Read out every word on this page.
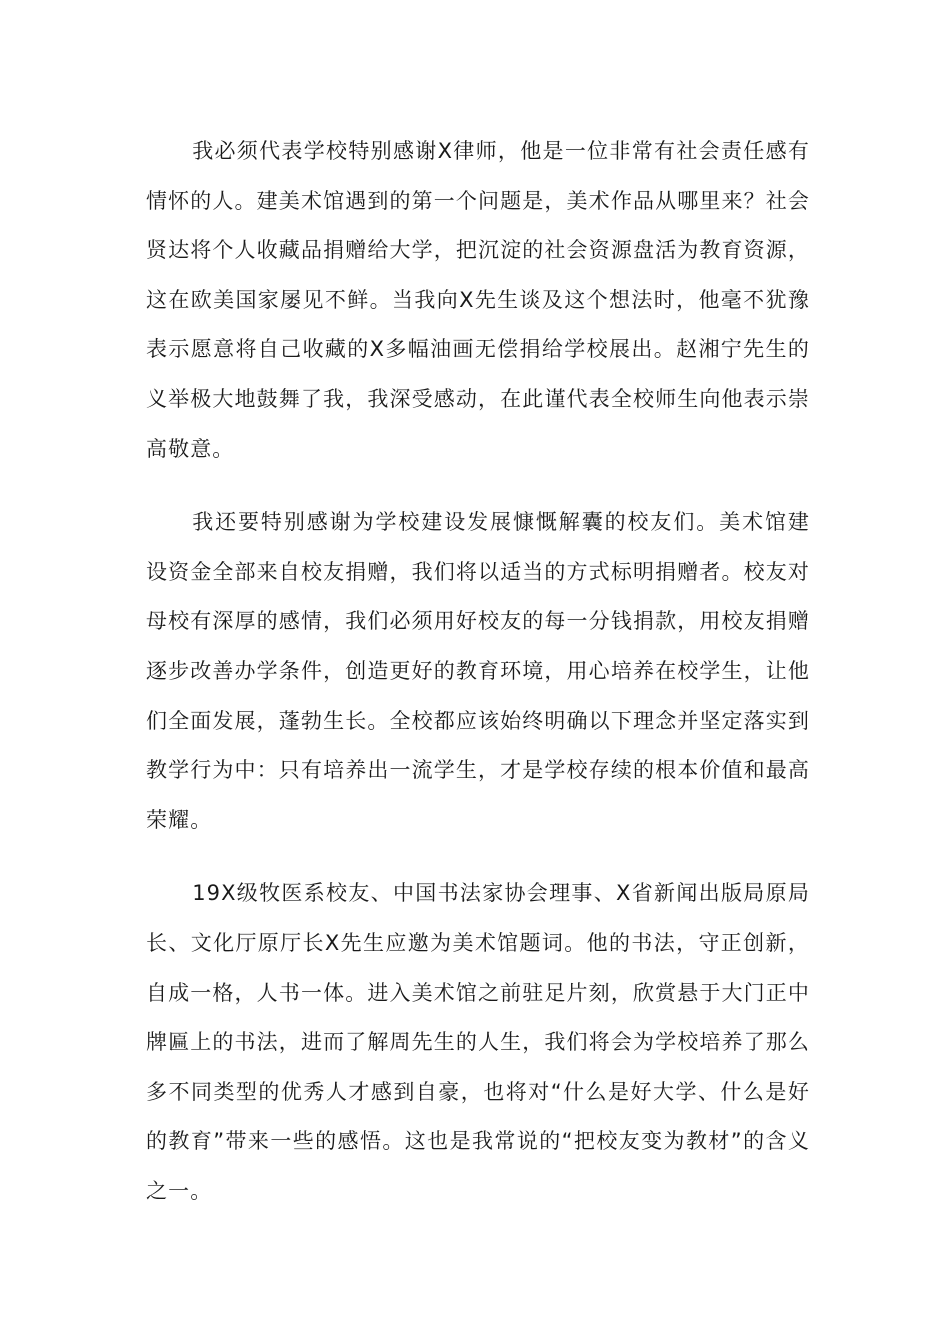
我必须代表学校特别感谢X律师，他是一位非常有社会责任感有情怀的人。建美术馆遇到的第一个问题是，美术作品从哪里来？社会贤达将个人收藏品捐赠给大学，把沉淀的社会资源盘活为教育资源，这在欧美国家屡见不鲜。当我向X先生谈及这个想法时，他毫不犹豫表示愿意将自己收藏的X多幅油画无偿捐给学校展出。赵湘宁先生的义举极大地鼓舞了我，我深受感动，在此谨代表全校师生向他表示崇高敬意。

我还要特别感谢为学校建设发展慷慨解囊的校友们。美术馆建设资金全部来自校友捐赠，我们将以适当的方式标明捐赠者。校友对母校有深厚的感情，我们必须用好校友的每一分钱捐款，用校友捐赠逐步改善办学条件，创造更好的教育环境，用心培养在校学生，让他们全面发展，蓬勃生长。全校都应该始终明确以下理念并坚定落实到教学行为中：只有培养出一流学生，才是学校存续的根本价值和最高荣耀。

19X级牧医系校友、中国书法家协会理事、X省新闻出版局原局长、文化厅原厅长X先生应邀为美术馆题词。他的书法，守正创新，自成一格，人书一体。进入美术馆之前驻足片刻，欣赏悬于大门正中牌匾上的书法，进而了解周先生的人生，我们将会为学校培养了那么多不同类型的优秀人才感到自豪，也将对“什么是好大学、什么是好的教育”带来一些的感悟。这也是我常说的“把校友变为教材”的含义之一。
